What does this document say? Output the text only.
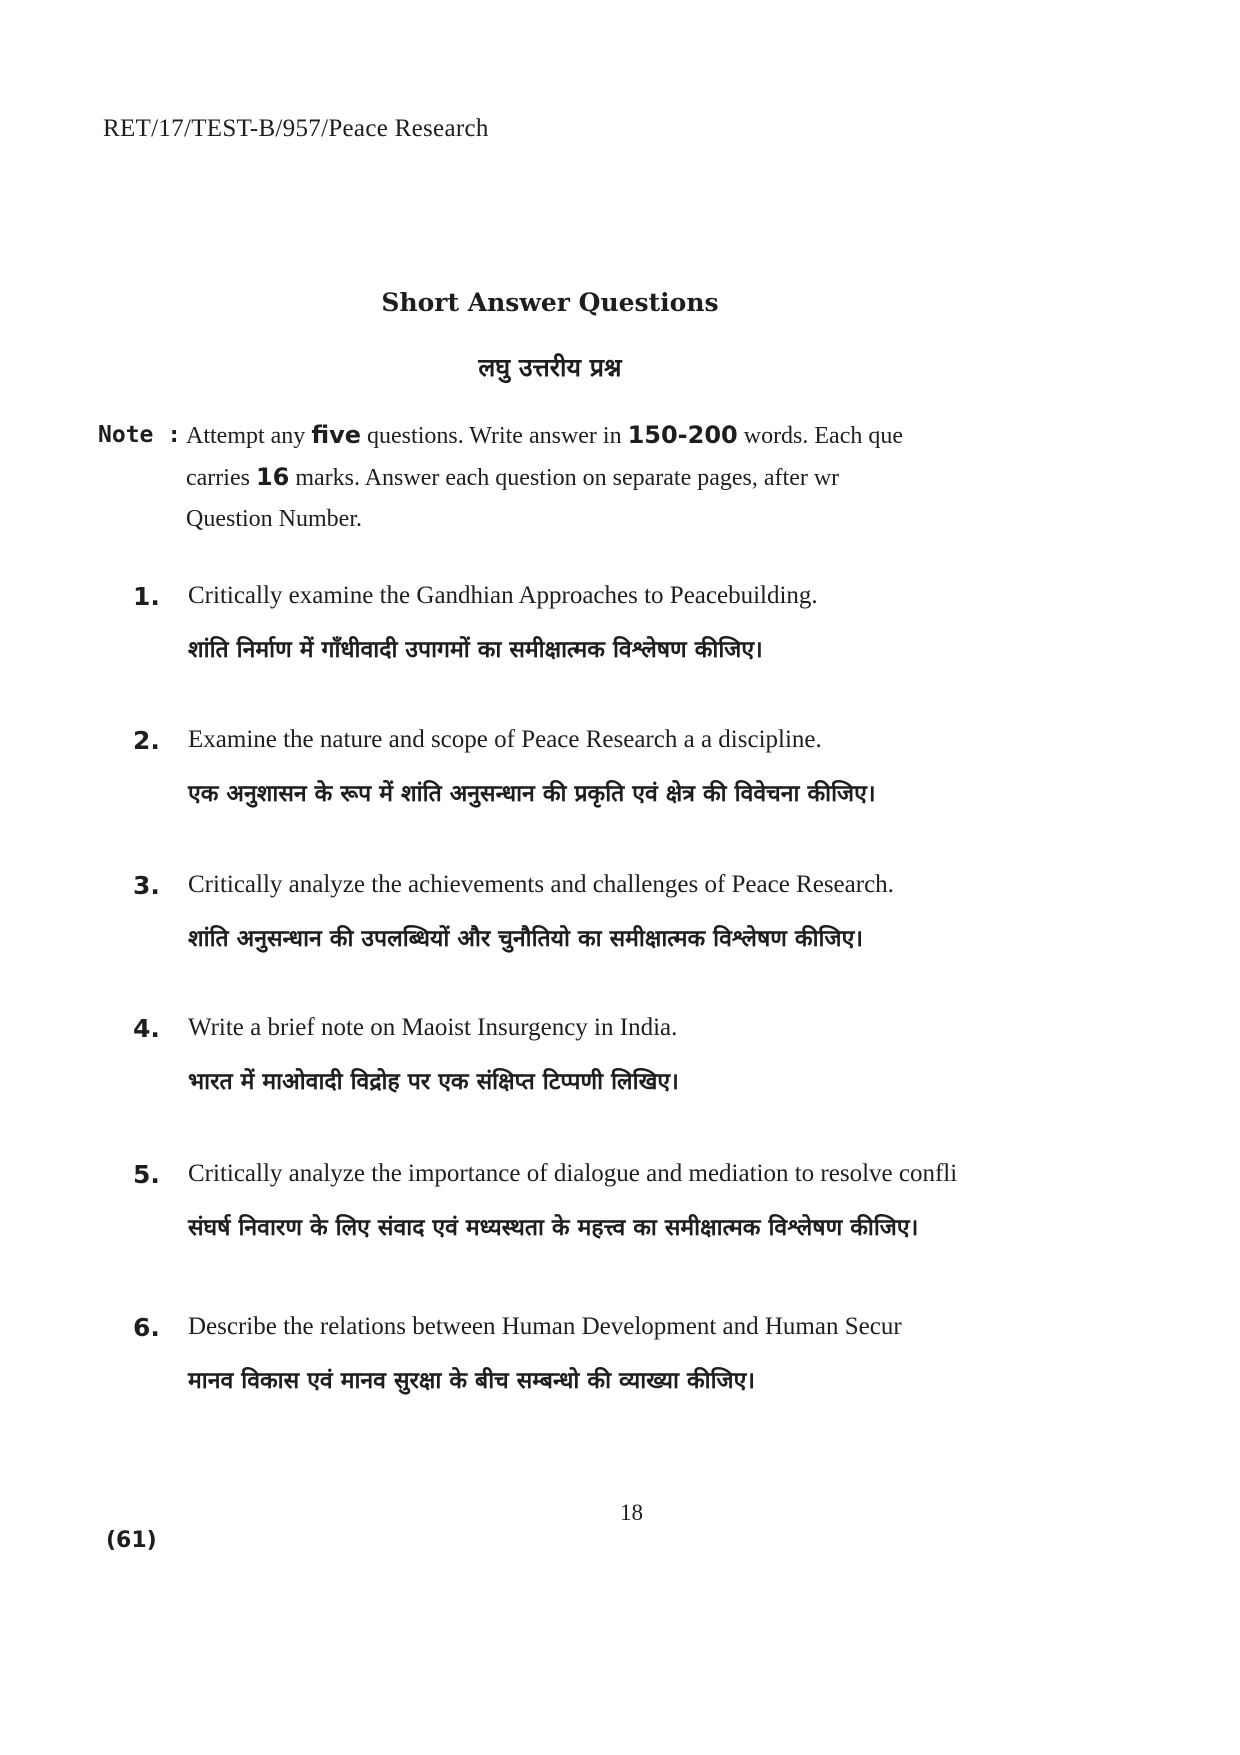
RET/17/TEST-B/957/Peace Research
Short Answer Questions
लघु उत्तरीय प्रश्न
Note : Attempt any five questions. Write answer in 150-200 words. Each que
carries 16 marks. Answer each question on separate pages, after wr
Question Number.
1. Critically examine the Gandhian Approaches to Peacebuilding.
शांति निर्माण में गाँधीवादी उपागमों का समीक्षात्मक विश्लेषण कीजिए।
2. Examine the nature and scope of Peace Research a a discipline.
एक अनुशासन के रूप में शांति अनुसन्धान की प्रकृति एवं क्षेत्र की विवेचना कीजिए।
3. Critically analyze the achievements and challenges of Peace Research.
शांति अनुसन्धान की उपलब्धियों और चुनौतियो का समीक्षात्मक विश्लेषण कीजिए।
4. Write a brief note on Maoist Insurgency in India.
भारत में माओवादी विद्रोह पर एक संक्षिप्त टिप्पणी लिखिए।
5. Critically analyze the importance of dialogue and mediation to resolve confli
संघर्ष निवारण के लिए संवाद एवं मध्यस्थता के महत्त्व का समीक्षात्मक विश्लेषण कीजिए।
6. Describe the relations between Human Development and Human Secur
मानव विकास एवं मानव सुरक्षा के बीच सम्बन्धो की व्याख्या कीजिए।
18
(61)
